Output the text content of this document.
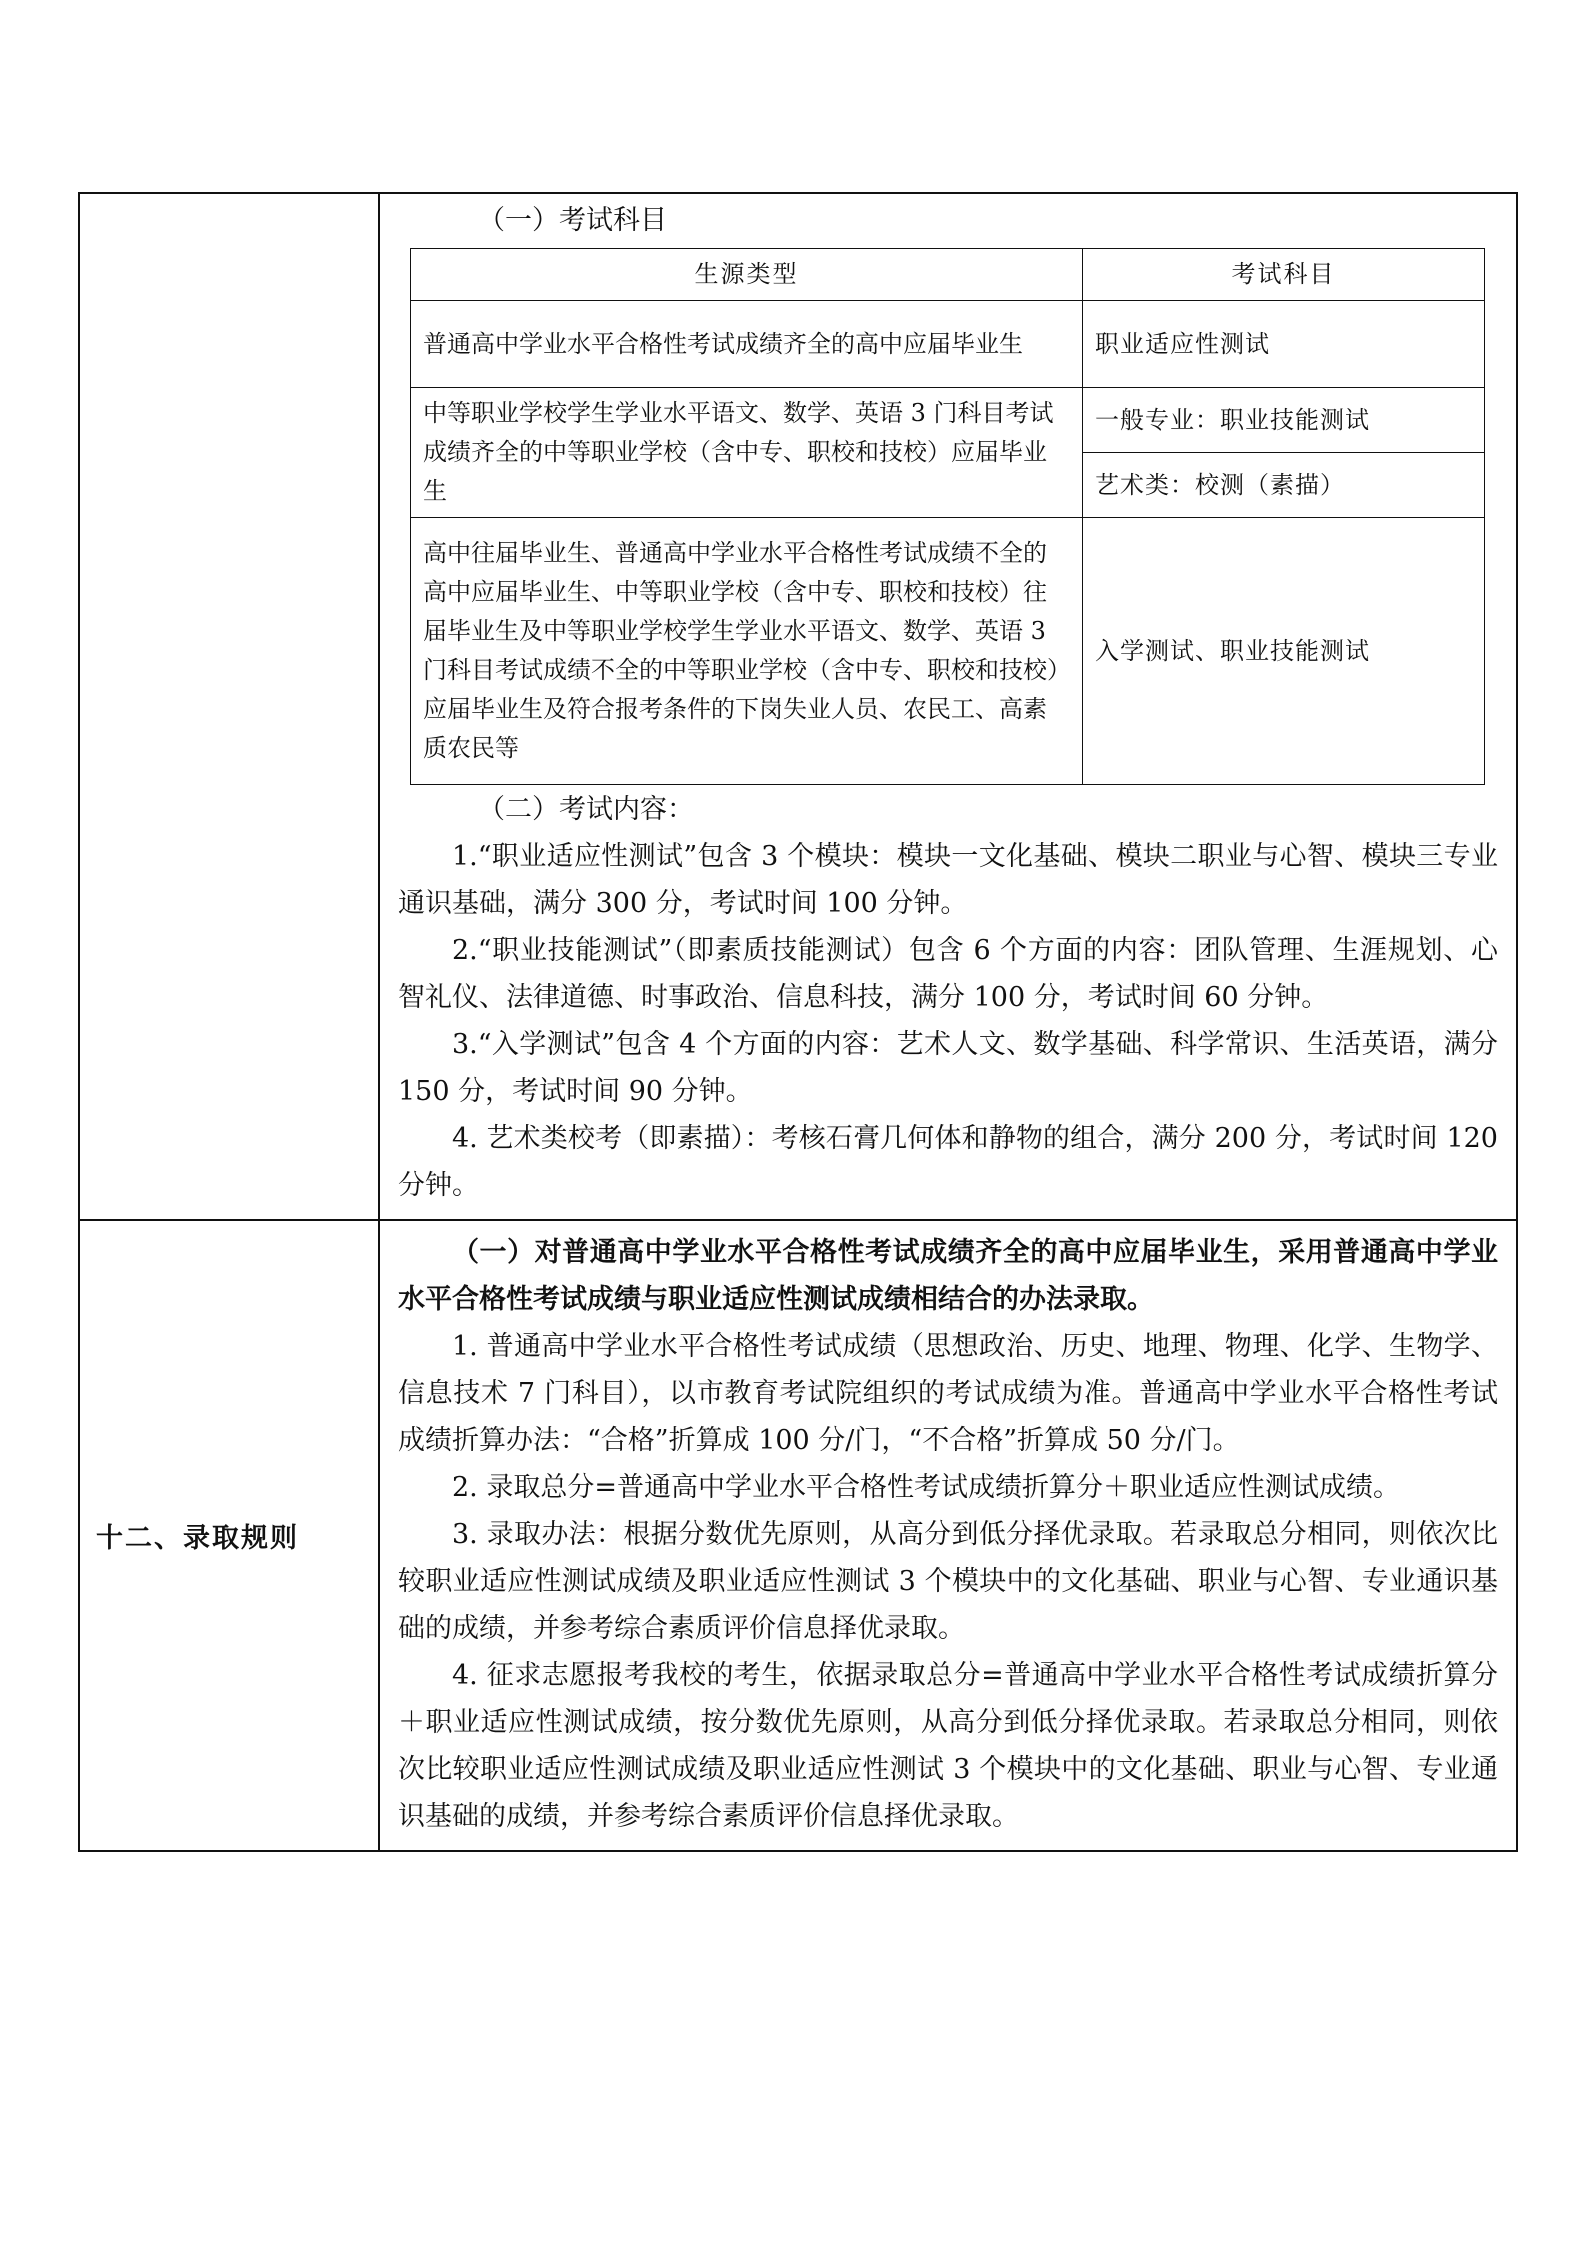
（一）考试科目

生源类型	考试科目
普通高中学业水平合格性考试成绩齐全的高中应届毕业生	职业适应性测试
中等职业学校学生学业水平语文、数学、英语 3 门科目考试成绩齐全的中等职业学校（含中专、职校和技校）应届毕业生	一般专业：职业技能测试
艺术类：校测（素描）
高中往届毕业生、普通高中学业水平合格性考试成绩不全的高中应届毕业生、中等职业学校（含中专、职校和技校）往届毕业生及中等职业学校学生学业水平语文、数学、英语 3 门科目考试成绩不全的中等职业学校（含中专、职校和技校）应届毕业生及符合报考条件的下岗失业人员、农民工、高素质农民等	入学测试、职业技能测试

（二）考试内容：

1.“职业适应性测试”包含 3 个模块：模块一文化基础、模块二职业与心智、模块三专业通识基础，满分 300 分，考试时间 100 分钟。

2.“职业技能测试”（即素质技能测试）包含 6 个方面的内容：团队管理、生涯规划、心智礼仪、法律道德、时事政治、信息科技，满分 100 分，考试时间 60 分钟。

3.“入学测试”包含 4 个方面的内容：艺术人文、数学基础、科学常识、生活英语，满分 150 分，考试时间 90 分钟。

4. 艺术类校考（即素描）：考核石膏几何体和静物的组合，满分 200 分，考试时间 120 分钟。

十二、录取规则	

（一）对普通高中学业水平合格性考试成绩齐全的高中应届毕业生，采用普通高中学业水平合格性考试成绩与职业适应性测试成绩相结合的办法录取。

1. 普通高中学业水平合格性考试成绩（思想政治、历史、地理、物理、化学、生物学、信息技术 7 门科目），以市教育考试院组织的考试成绩为准。普通高中学业水平合格性考试成绩折算办法：“合格”折算成 100 分/门，“不合格”折算成 50 分/门。

2. 录取总分=普通高中学业水平合格性考试成绩折算分＋职业适应性测试成绩。

3. 录取办法：根据分数优先原则，从高分到低分择优录取。若录取总分相同，则依次比较职业适应性测试成绩及职业适应性测试 3 个模块中的文化基础、职业与心智、专业通识基础的成绩，并参考综合素质评价信息择优录取。

4. 征求志愿报考我校的考生，依据录取总分=普通高中学业水平合格性考试成绩折算分＋职业适应性测试成绩，按分数优先原则，从高分到低分择优录取。若录取总分相同，则依次比较职业适应性测试成绩及职业适应性测试 3 个模块中的文化基础、职业与心智、专业通识基础的成绩，并参考综合素质评价信息择优录取。
